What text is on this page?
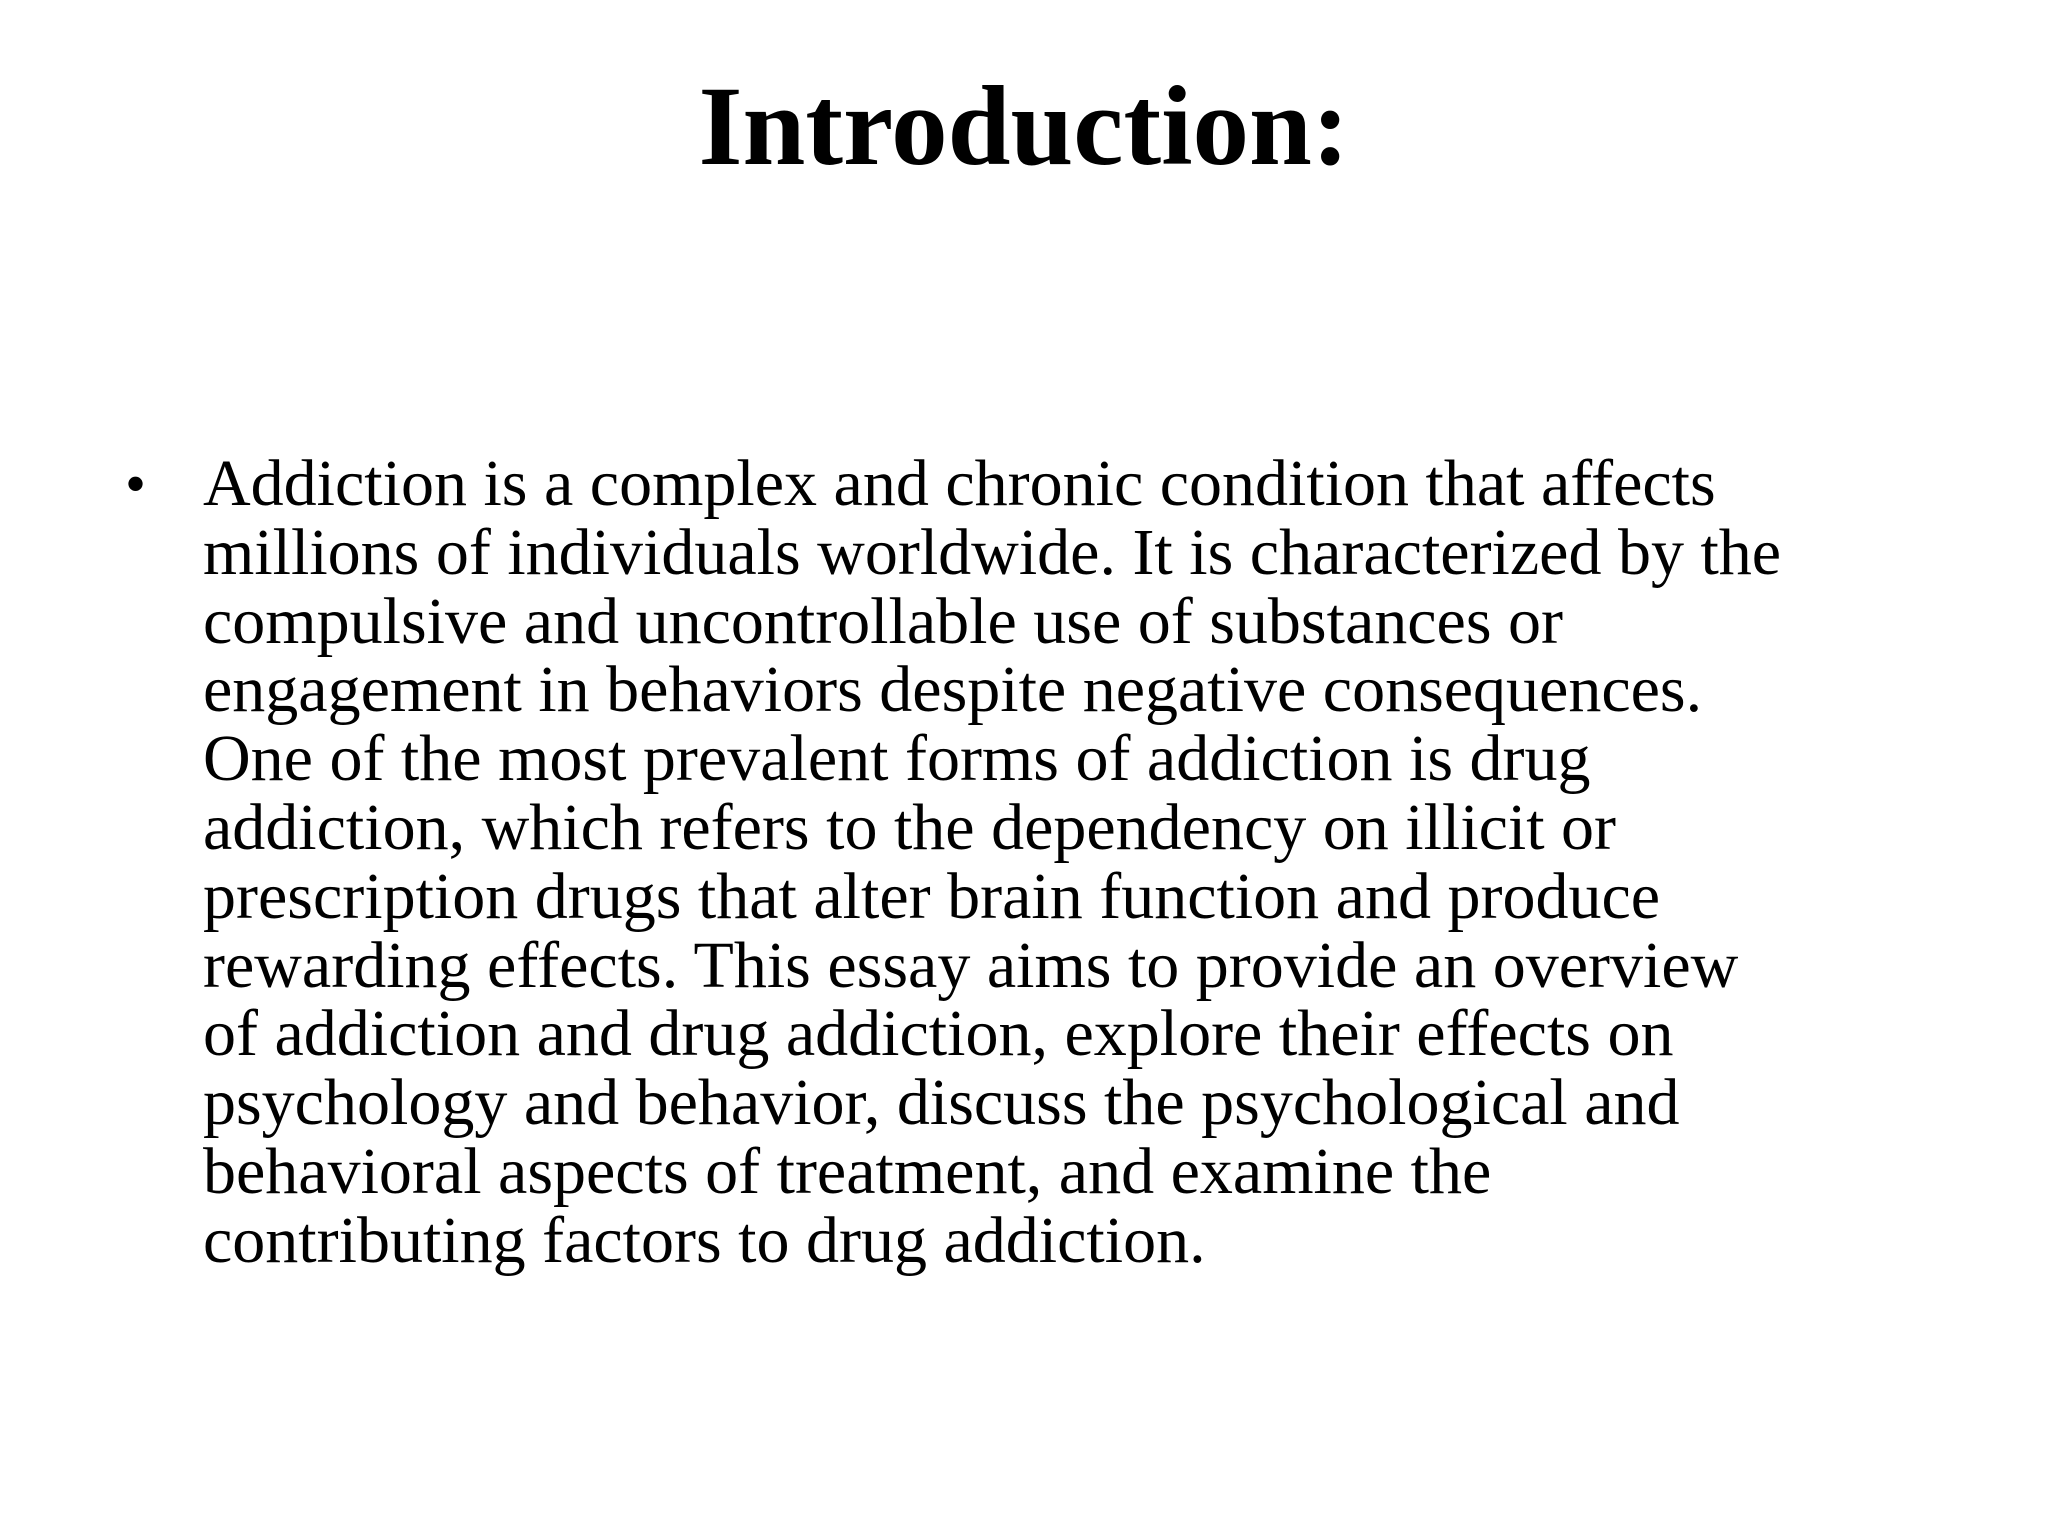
Introduction:
• Addiction is a complex and chronic condition that affects
millions of individuals worldwide. It is characterized by the
compulsive and uncontrollable use of substances or
engagement in behaviors despite negative consequences.
One of the most prevalent forms of addiction is drug
addiction, which refers to the dependency on illicit or
prescription drugs that alter brain function and produce
rewarding effects. This essay aims to provide an overview
of addiction and drug addiction, explore their effects on
psychology and behavior, discuss the psychological and
behavioral aspects of treatment, and examine the
contributing factors to drug addiction.
